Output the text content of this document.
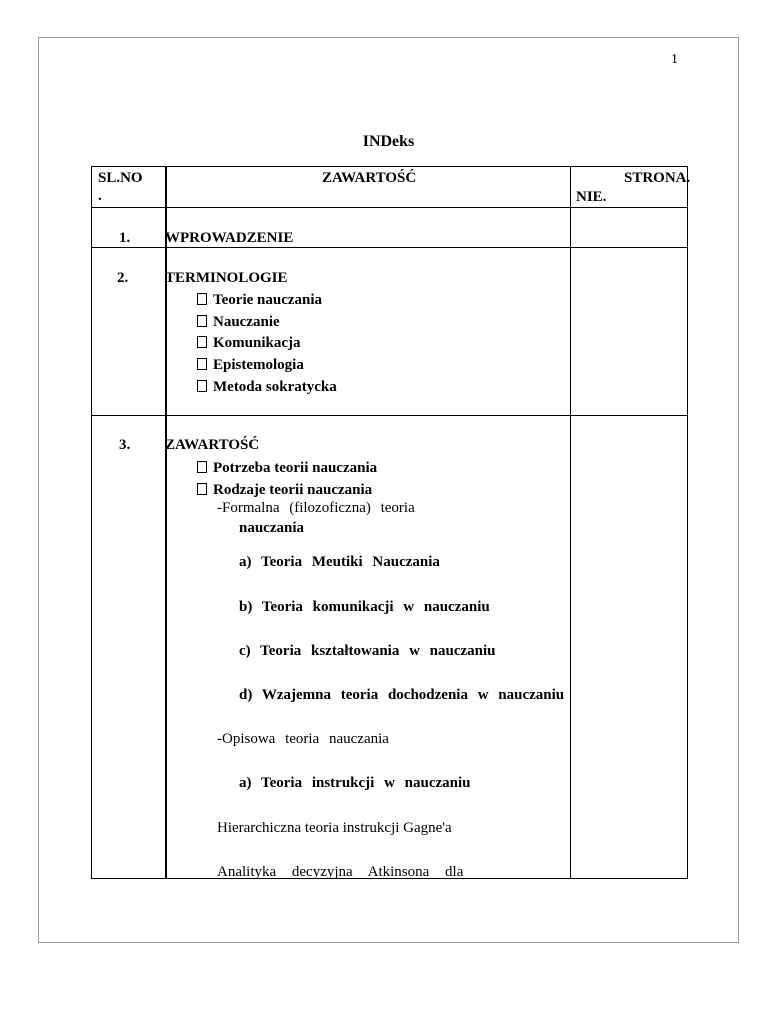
1
INDeks
SL.NO
.
ZAWARTOŚĆ	STRONA.
NIE.
1. WPROWADZENIE
2. TERMINOLOGIE
Teorie nauczania
Nauczanie
Komunikacja
Epistemologia
Metoda sokratycka
3. ZAWARTOŚĆ
Potrzeba teorii nauczania
Rodzaje teorii nauczania
-Formalna (filozoficzna) teoria
nauczania
a) Teoria Meutiki Nauczania
b) Teoria komunikacji w nauczaniu
c) Teoria kształtowania w nauczaniu
d) Wzajemna teoria dochodzenia w nauczaniu
-Opisowa teoria nauczania
a) Teoria instrukcji w nauczaniu
Hierarchiczna teoria instrukcji Gagne'a
Analityka decyzyjna Atkinsona dla
